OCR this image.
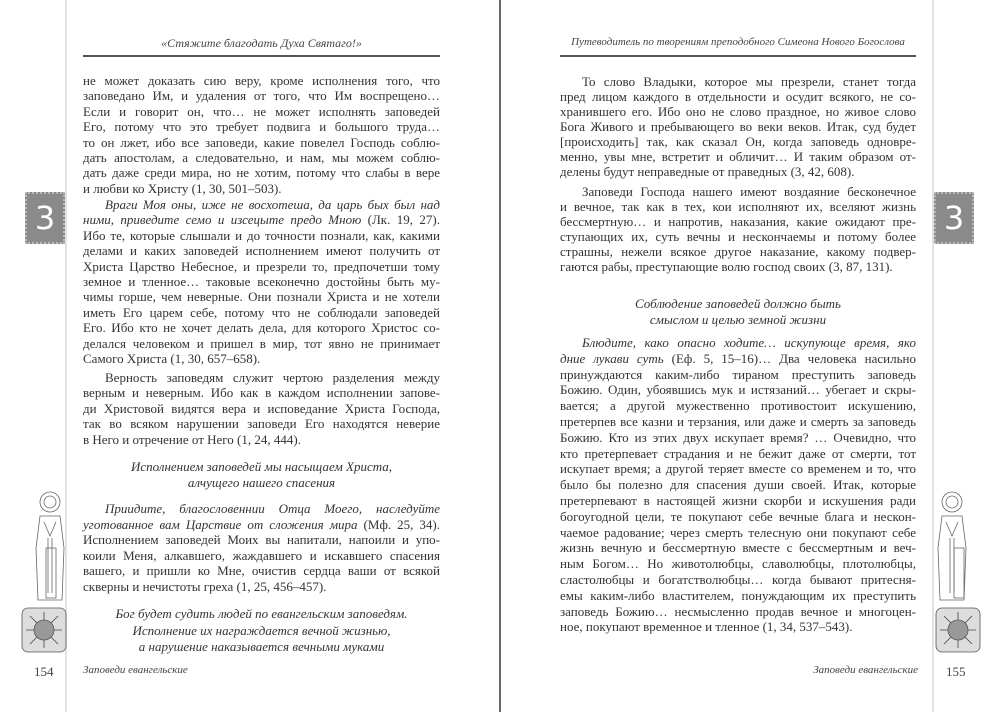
«Стяжите благодать Духа Святаго!»
3
не может доказать сию веру, кроме исполнения того, что
заповедано Им, и удаления от того, что Им воспрещено…
Если и говорит он, что… не может исполнять заповедей
Его, потому что это требует подвига и большого труда…
то он лжет, ибо все заповеди, какие повелел Господь соблю-
дать апостолам, а следовательно, и нам, мы можем соблю-
дать даже среди мира, но не хотим, потому что слабы в вере
и любви ко Христу (1, 30, 501–503).
Враги Моя оны, иже не восхотеша, да царь бых был над
ними, приведите семо и изсецыте предо Мною (Лк. 19, 27).
Ибо те, которые слышали и до точности познали, как, какими
делами и каких заповедей исполнением имеют получить от
Христа Царство Небесное, и презрели то, предпочетши тому
земное и тленное… таковые всеконечно достойны быть му-
чимы горше, чем неверные. Они познали Христа и не хотели
иметь Его царем себе, потому что не соблюдали заповедей
Его. Ибо кто не хочет делать дела, для которого Христос со-
делался человеком и пришел в мир, тот явно не принимает
Самого Христа (1, 30, 657–658).
Верность заповедям служит чертою разделения между
верным и неверным. Ибо как в каждом исполнении запове-
ди Христовой видятся вера и исповедание Христа Господа,
так во всяком нарушении заповеди Его находятся неверие
в Него и отречение от Него (1, 24, 444).
Исполнением заповедей мы насыщаем Христа,
алчущего нашего спасения
Приидите, благословеннии Отца Моего, наследуйте
уготованное вам Царствие от сложения мира (Мф. 25, 34).
Исполнением заповедей Моих вы напитали, напоили и упо-
коили Меня, алкавшего, жаждавшего и искавшего спасения
вашего, и пришли ко Мне, очистив сердца ваши от всякой
скверны и нечистоты греха (1, 25, 456–457).
Бог будет судить людей по евангельским заповедям.
Исполнение их награждается вечной жизнью,
а нарушение наказывается вечными муками
154	Заповеди евангельские
Путеводитель по творениям преподобного Симеона Нового Богослова
3
То слово Владыки, которое мы презрели, станет тогда
пред лицом каждого в отдельности и осудит всякого, не со-
хранившего его. Ибо оно не слово праздное, но живое слово
Бога Живого и пребывающего во веки веков. Итак, суд будет
[происходить] так, как сказал Он, когда заповедь одновре-
менно, увы мне, встретит и обличит… И таким образом от-
делены будут неправедные от праведных (3, 42, 608).
Заповеди Господа нашего имеют воздаяние бесконечное
и вечное, так как в тех, кои исполняют их, вселяют жизнь
бессмертную… и напротив, наказания, какие ожидают пре-
ступающих их, суть вечны и нескончаемы и потому более
страшны, нежели всякое другое наказание, какому подвер-
гаются рабы, преступающие волю господ своих (3, 87, 131).
Соблюдение заповедей должно быть
смыслом и целью земной жизни
Блюдите, како опасно ходите… искупующе время, яко
дние лукави суть (Еф. 5, 15–16)… Два человека насильно
принуждаются каким-либо тираном преступить заповедь
Божию. Один, убоявшись мук и истязаний… убегает и скры-
вается; а другой мужественно противостоит искушению,
претерпев все казни и терзания, или даже и смерть за заповедь
Божию. Кто из этих двух искупает время? … Очевидно, что
кто претерпевает страдания и не бежит даже от смерти, тот
искупает время; а другой теряет вместе со временем и то, что
было бы полезно для спасения души своей. Итак, которые
претерпевают в настоящей жизни скорби и искушения ради
богоугодной цели, те покупают себе вечные блага и нескон-
чаемое радование; через смерть телесную они покупают себе
жизнь вечную и бессмертную вместе с бессмертным и веч-
ным Богом… Но животолюбцы, славолюбцы, плотолюбцы,
сластолюбцы и богатстволюбцы… когда бывают притесня-
емы каким-либо властителем, понуждающим их преступить
заповедь Божию… несмысленно продав вечное и многоцен-
ное, покупают временное и тленное (1, 34, 537–543).
Заповеди евангельские 155
